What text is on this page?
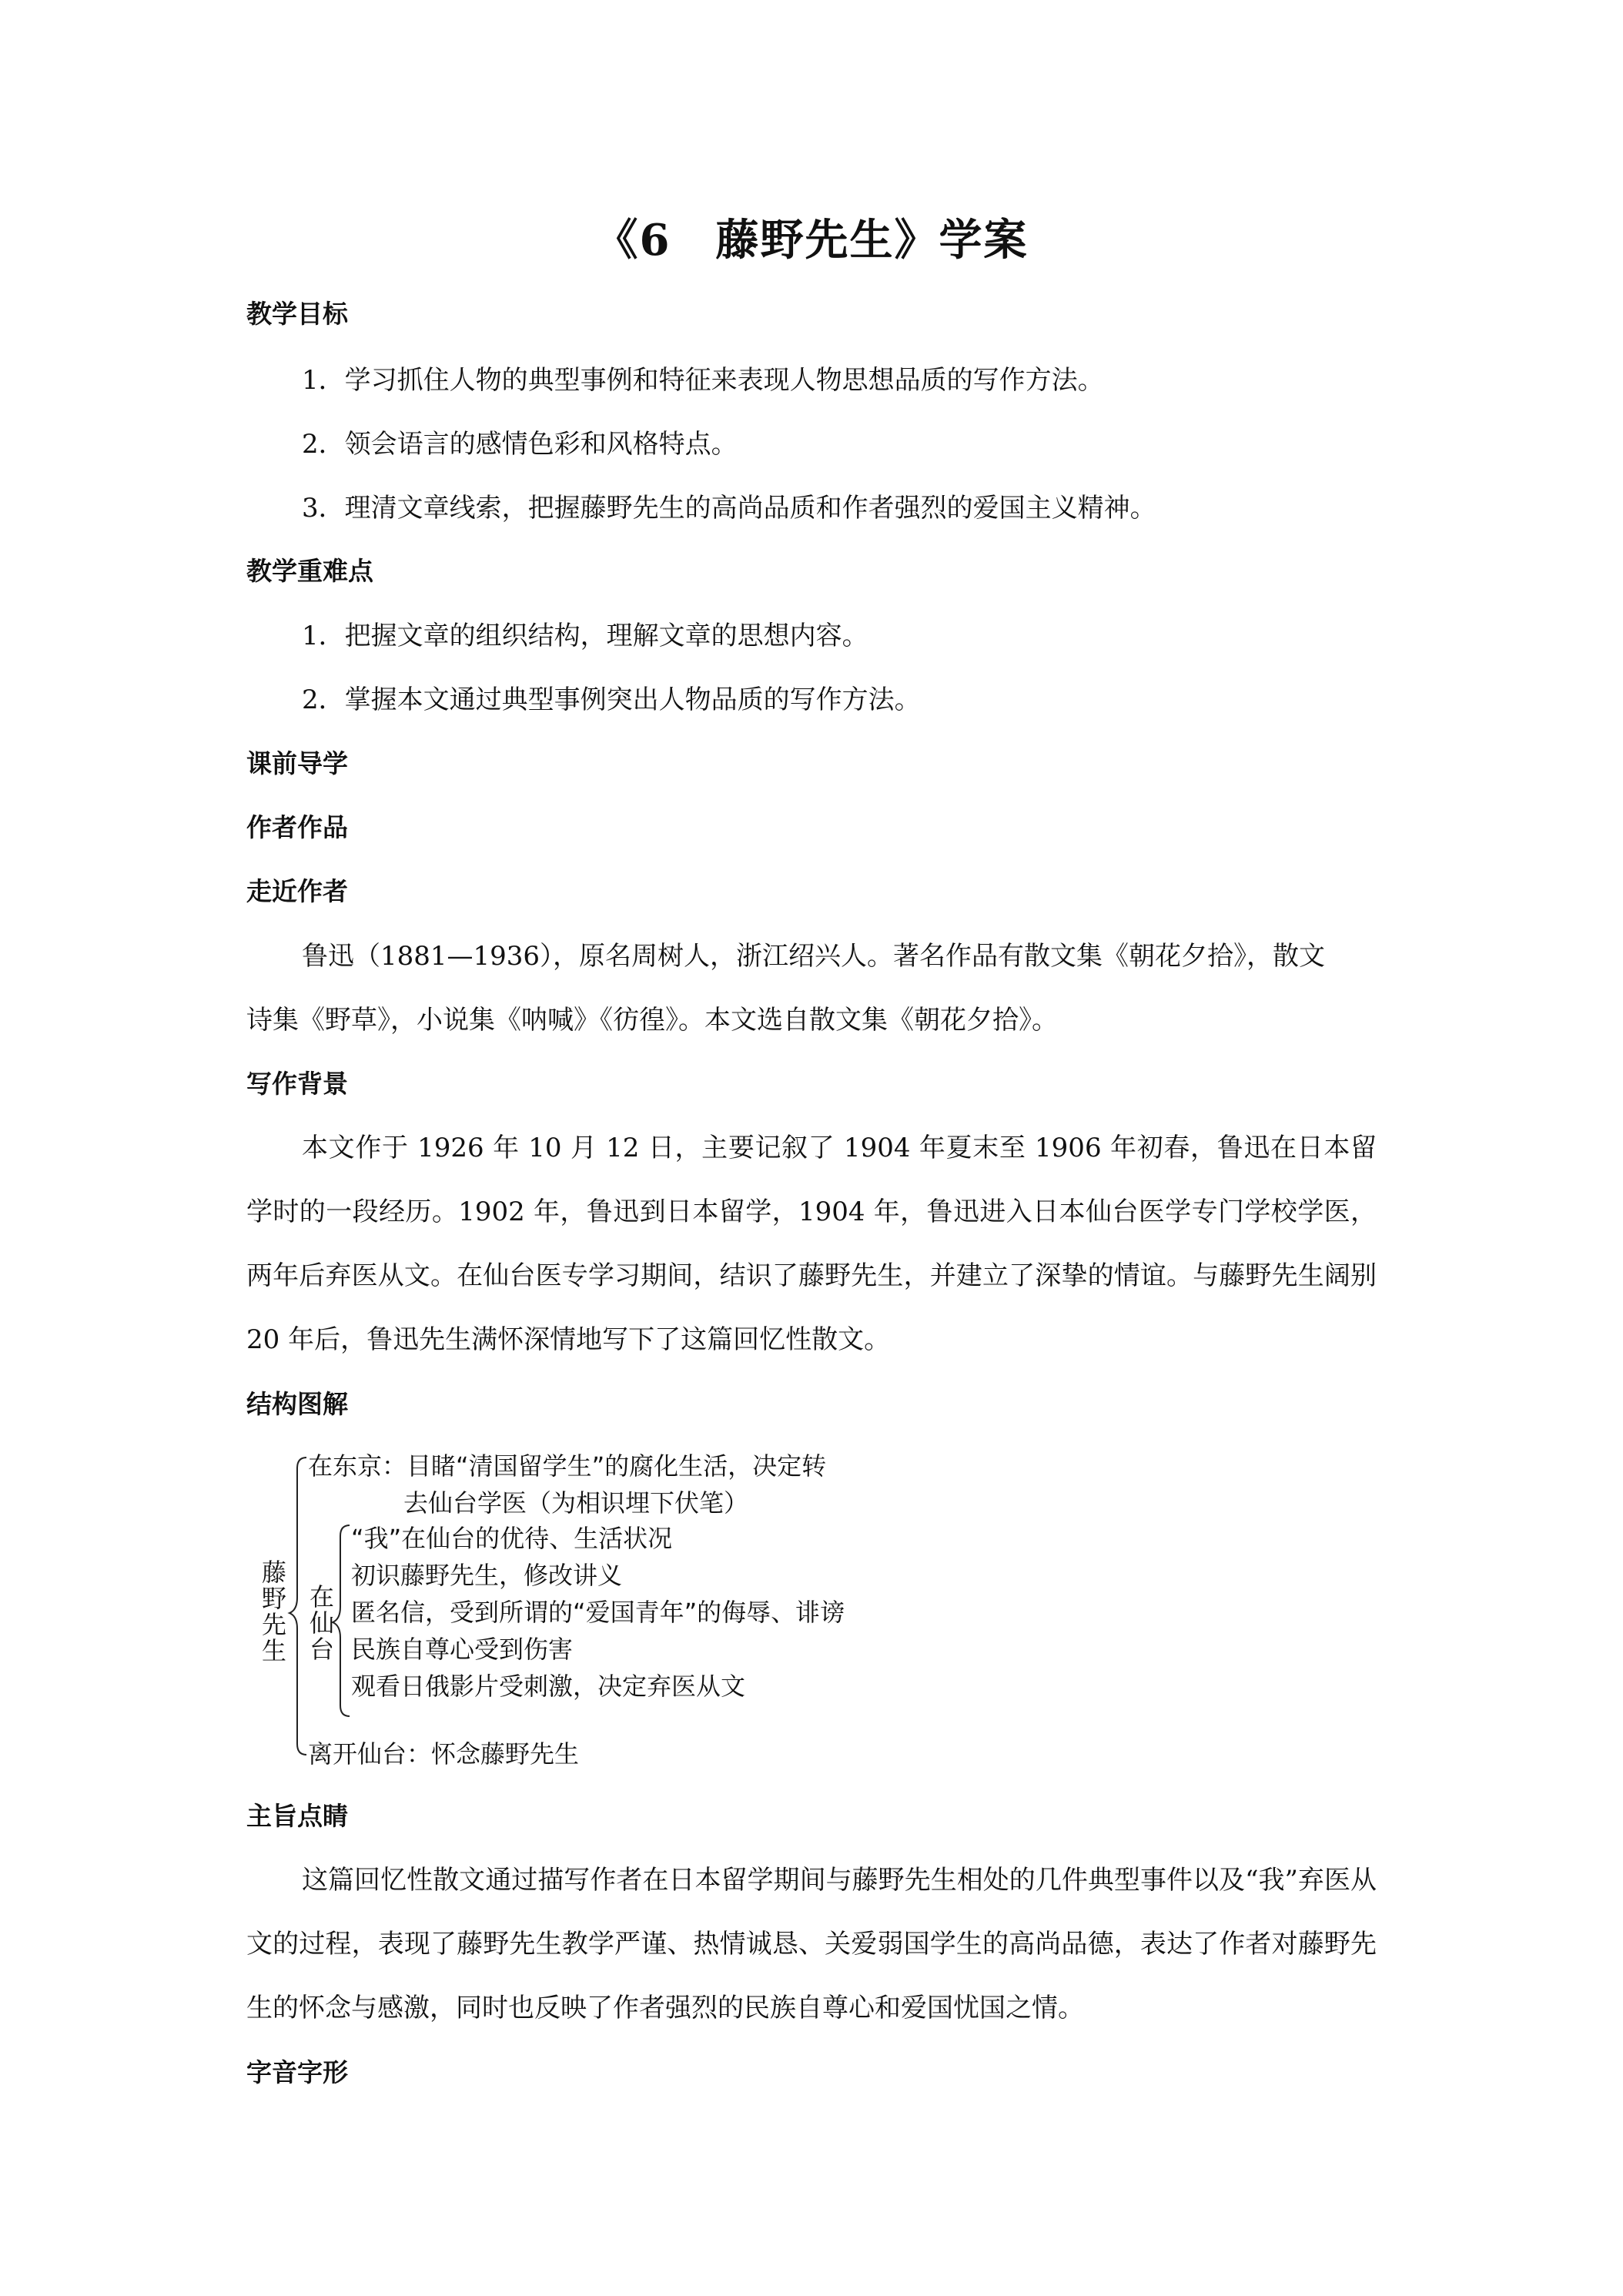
《6　藤野先生》学案
教学目标
1．学习抓住人物的典型事例和特征来表现人物思想品质的写作方法。
2．领会语言的感情色彩和风格特点。
3．理清文章线索，把握藤野先生的高尚品质和作者强烈的爱国主义精神。
教学重难点
1．把握文章的组织结构，理解文章的思想内容。
2．掌握本文通过典型事例突出人物品质的写作方法。
课前导学
作者作品
走近作者
鲁迅（1881—1936），原名周树人，浙江绍兴人。著名作品有散文集《朝花夕拾》，散文
诗集《野草》，小说集《呐喊》《彷徨》。本文选自散文集《朝花夕拾》。
写作背景
本文作于 1926 年 10 月 12 日，主要记叙了 1904 年夏末至 1906 年初春，鲁迅在日本留学时的一段经历。1902 年，鲁迅到日本留学，1904 年，鲁迅进入日本仙台医学专门学校学医，两年后弃医从文。在仙台医专学习期间，结识了藤野先生，并建立了深挚的情谊。与藤野先生阔别 20 年后，鲁迅先生满怀深情地写下了这篇回忆性散文。
结构图解
藤
野
先
生
在东京：目睹“清国留学生”的腐化生活，决定转
去仙台学医（为相识埋下伏笔）
在
仙
台
“我”在仙台的优待、生活状况
初识藤野先生，修改讲义
匿名信，受到所谓的“爱国青年”的侮辱、诽谤
民族自尊心受到伤害
观看日俄影片受刺激，决定弃医从文
离开仙台：怀念藤野先生
主旨点睛
这篇回忆性散文通过描写作者在日本留学期间与藤野先生相处的几件典型事件以及“我”弃医从文的过程，表现了藤野先生教学严谨、热情诚恳、关爱弱国学生的高尚品德，表达了作者对藤野先生的怀念与感激，同时也反映了作者强烈的民族自尊心和爱国忧国之情。
字音字形
